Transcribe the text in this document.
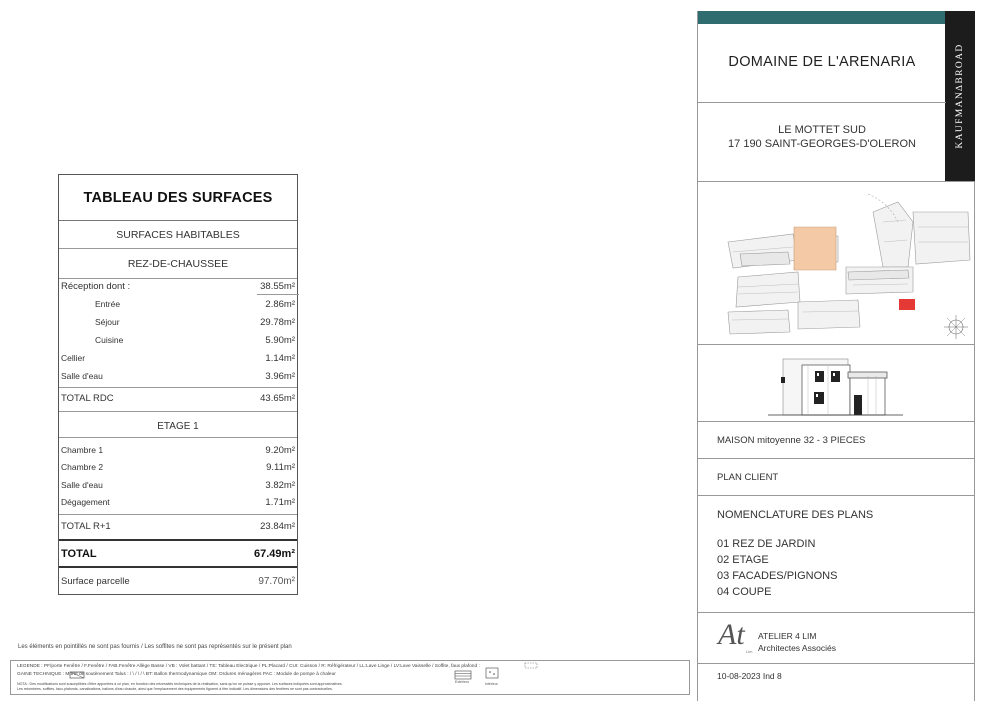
TABLEAU DES SURFACES
SURFACES HABITABLES
REZ-DE-CHAUSSEE
Réception dont :	38.55m²
Entrée	2.86m²
Séjour	29.78m²
Cuisine	5.90m²
Cellier	1.14m²
Salle d'eau	3.96m²
TOTAL RDC	43.65m²
ETAGE 1
Chambre 1	9.20m²
Chambre 2	9.11m²
Salle d'eau	3.82m²
Dégagement	1.71m²
TOTAL R+1	23.84m²
TOTAL	67.49m²
Surface parcelle	97.70m²
Les éléments en pointillés ne sont pas fournis / Les soffites ne sont pas représentés sur le présent plan
LEGENDE : PF/porte Fenêtre / F.Fenêtre / FAB.Fenêtre Allège Basse / VB : Volet battant / TE: Tableau Electrique / PL:Placard / CUI: Cuisson / R: Réfrigérateur / LL:Lave Linge / LV:Lave Vaisselle / Soffite, faux plafond :
GAINE TECHNIQUE : Muret de soutènement Talus : / \ / \ / \ BT: Ballon thermodynamique OM: Ordures ménagères PAC : Module de pompe à chaleur
NOTA : Des modifications sont susceptibles d'être apportées à ce plan, en fonction des nécessités techniques de la réalisation, sans qu'on ne puisse y opposer. Les surfaces indiquées sont approximatives.
Les retombées, soffites, faux-plafonds, canalisations, ballons d'eau chaude, ainsi que l'emplacement des équipements figurent à titre indicatif. Les dimensions des fenêtres ne sont pas contractuelles.
Extérieur	Intérieur
KAUFMAN∆BROAD
DOMAINE DE L'ARENARIA
LE MOTTET SUD
17 190 SAINT-GEORGES-D'OLERON
MAISON mitoyenne 32 - 3 PIECES
PLAN CLIENT
NOMENCLATURE DES PLANS
01 REZ DE JARDIN
02 ETAGE
03 FACADES/PIGNONS
04 COUPE
At
Lim
ATELIER 4 LIM
Architectes Associés
10-08-2023 Ind 8
